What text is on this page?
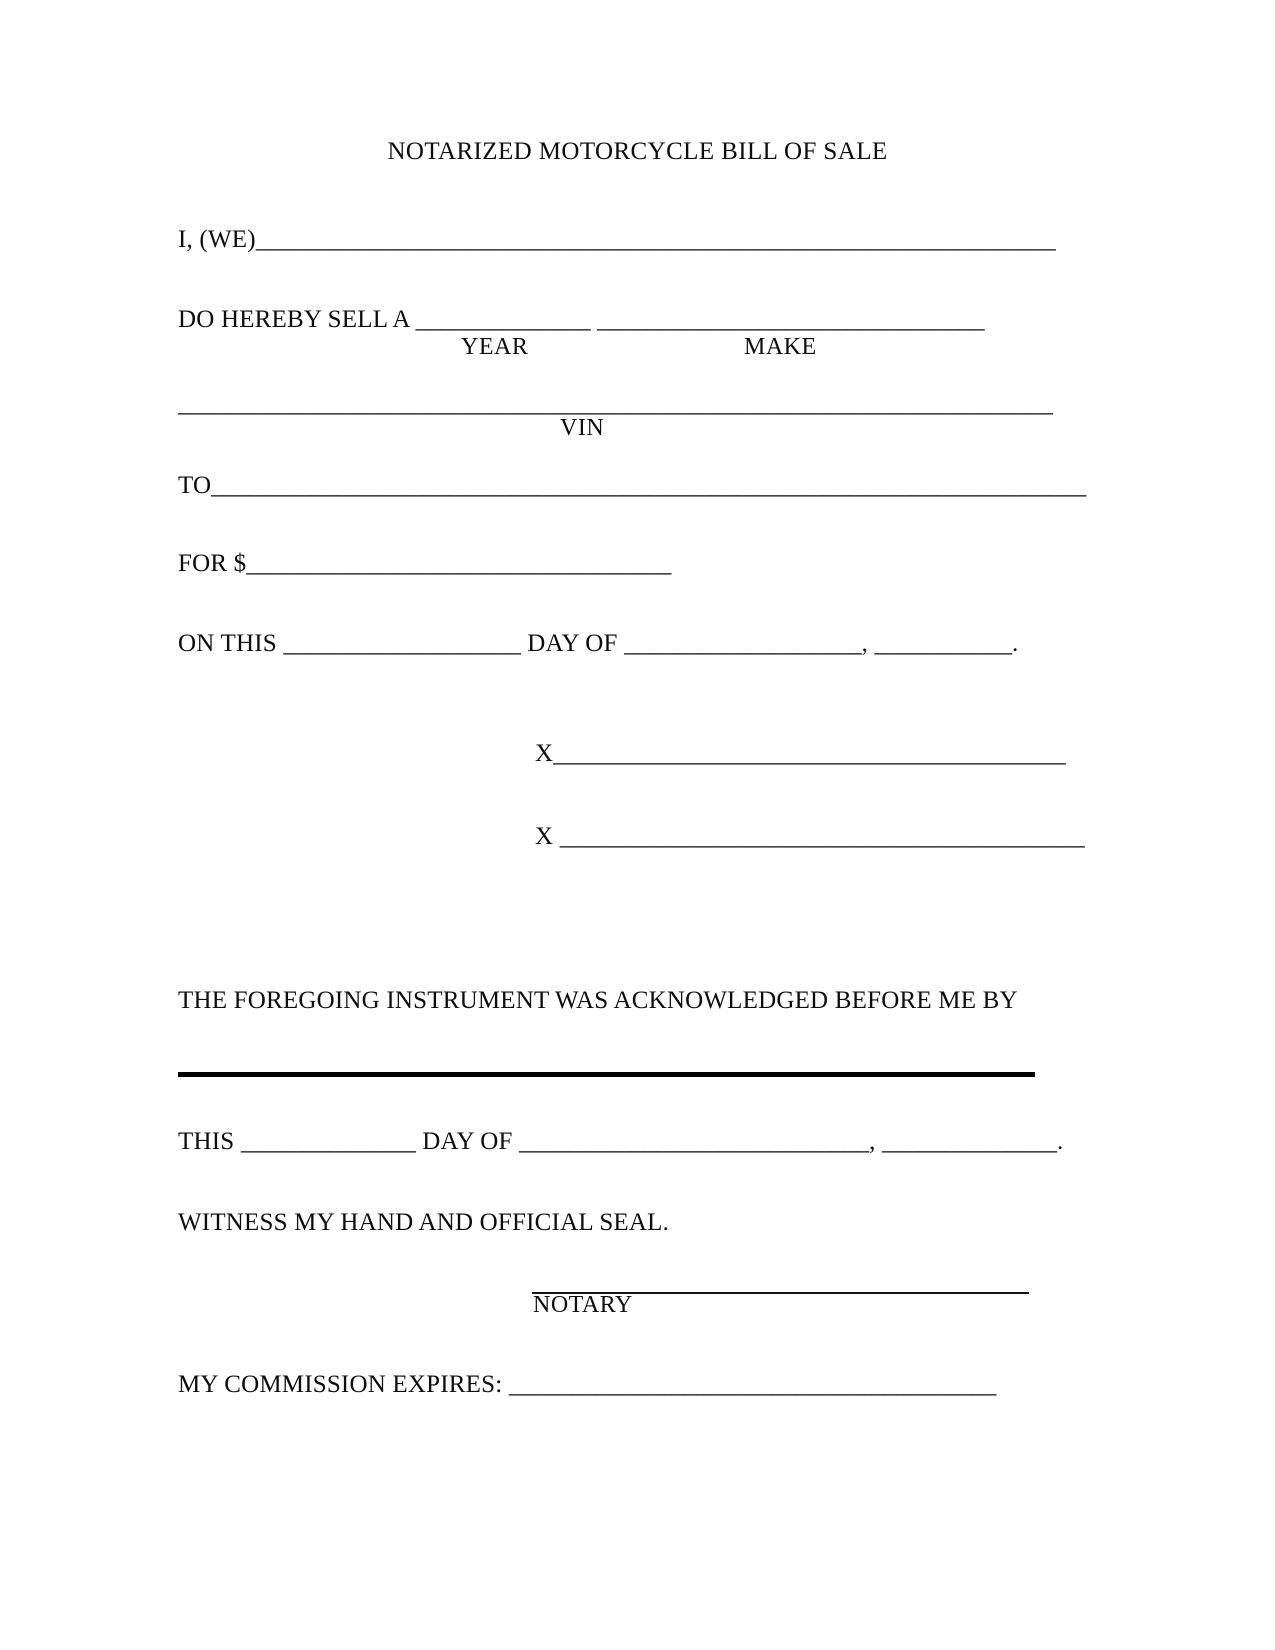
NOTARIZED MOTORCYCLE BILL OF SALE
I, (WE)________________________________________________________________
DO HEREBY SELL A ______________ _______________________________
YEAR	MAKE
______________________________________________________________________
VIN
TO______________________________________________________________________
FOR $__________________________________
ON THIS ___________________ DAY OF ___________________, ___________.
X_________________________________________
X __________________________________________
THE FOREGOING INSTRUMENT WAS ACKNOWLEDGED BEFORE ME BY
THIS ______________ DAY OF ____________________________, ______________.
WITNESS MY HAND AND OFFICIAL SEAL.
NOTARY
MY COMMISSION EXPIRES: _______________________________________
